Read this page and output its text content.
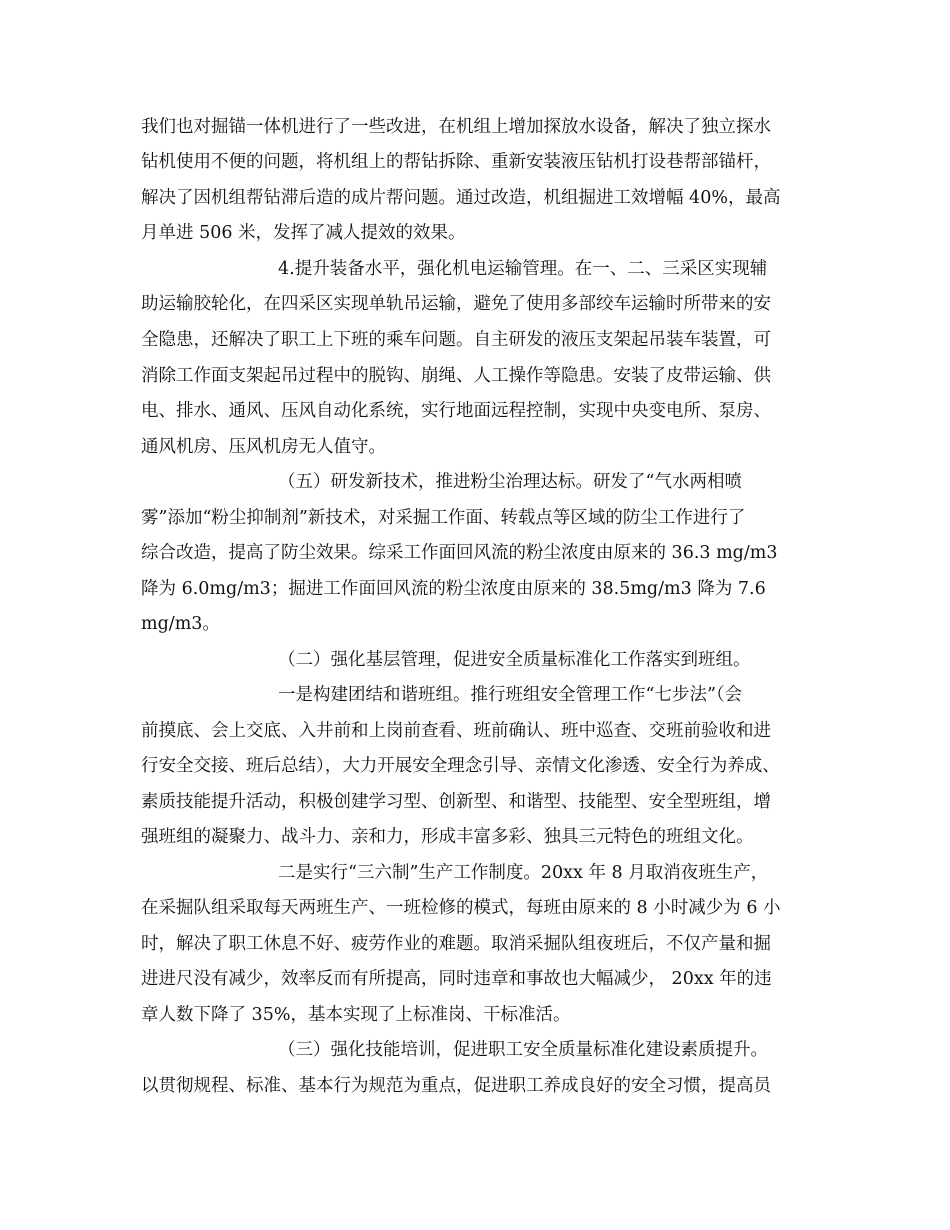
我们也对掘锚一体机进行了一些改进，在机组上增加探放水设备，解决了独立探水
钻机使用不便的问题，将机组上的帮钻拆除、重新安装液压钻机打设巷帮部锚杆，
解决了因机组帮钻滞后造的成片帮问题。通过改造，机组掘进工效增幅 40%，最高
月单进 506 米，发挥了减人提效的效果。
4.提升装备水平，强化机电运输管理。在一、二、三采区实现辅
助运输胶轮化，在四采区实现单轨吊运输，避免了使用多部绞车运输时所带来的安
全隐患，还解决了职工上下班的乘车问题。自主研发的液压支架起吊装车装置，可
消除工作面支架起吊过程中的脱钩、崩绳、人工操作等隐患。安装了皮带运输、供
电、排水、通风、压风自动化系统，实行地面远程控制，实现中央变电所、泵房、
通风机房、压风机房无人值守。
（五）研发新技术，推进粉尘治理达标。研发了“气水两相喷
雾”添加“粉尘抑制剂”新技术，对采掘工作面、转载点等区域的防尘工作进行了
综合改造，提高了防尘效果。综采工作面回风流的粉尘浓度由原来的 36.3 mg/m3
降为 6.0mg/m3；掘进工作面回风流的粉尘浓度由原来的 38.5mg/m3 降为 7.6
mg/m3。
（二）强化基层管理，促进安全质量标准化工作落实到班组。
一是构建团结和谐班组。推行班组安全管理工作“七步法”（会
前摸底、会上交底、入井前和上岗前查看、班前确认、班中巡查、交班前验收和进
行安全交接、班后总结），大力开展安全理念引导、亲情文化渗透、安全行为养成、
素质技能提升活动，积极创建学习型、创新型、和谐型、技能型、安全型班组，增
强班组的凝聚力、战斗力、亲和力，形成丰富多彩、独具三元特色的班组文化。
二是实行“三六制”生产工作制度。20xx 年 8 月取消夜班生产，
在采掘队组采取每天两班生产、一班检修的模式，每班由原来的 8 小时减少为 6 小
时，解决了职工休息不好、疲劳作业的难题。取消采掘队组夜班后，不仅产量和掘
进进尺没有减少，效率反而有所提高，同时违章和事故也大幅减少， 20xx 年的违
章人数下降了 35%，基本实现了上标准岗、干标准活。
（三）强化技能培训，促进职工安全质量标准化建设素质提升。
以贯彻规程、标准、基本行为规范为重点，促进职工养成良好的安全习惯，提高员
